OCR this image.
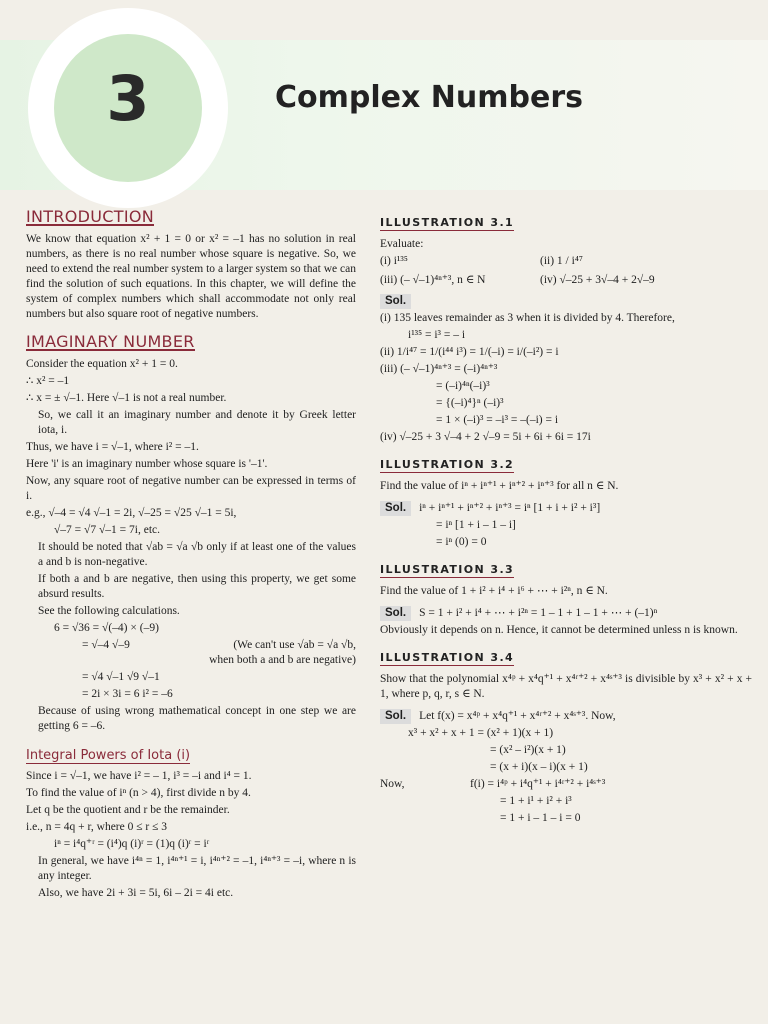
3	Complex Numbers
INTRODUCTION
We know that equation x² + 1 = 0 or x² = –1 has no solution in real numbers, as there is no real number whose square is negative. So, we need to extend the real number system to a larger system so that we can find the solution of such equations. In this chapter, we will define the system of complex numbers which shall accommodate not only real numbers but also square root of negative numbers.
IMAGINARY NUMBER
Consider the equation x² + 1 = 0.
∴ x² = –1
∴ x = ± √–1. Here √–1 is not a real number.
So, we call it an imaginary number and denote it by Greek letter iota, i.
Thus, we have i = √–1, where i² = –1.
Here 'i' is an imaginary number whose square is '–1'.
Now, any square root of negative number can be expressed in terms of i.
e.g., √–4 = √4 √–1 = 2i, √–25 = √25 √–1 = 5i,
√–7 = √7 √–1 = 7i, etc.
It should be noted that √ab = √a √b only if at least one of the values a and b is non-negative.
If both a and b are negative, then using this property, we get some absurd results.
See the following calculations.
6 = √36 = √(–4) × (–9)
= √–4 √–9	(We can't use √ab = √a √b,
when both a and b are negative)
= √4 √–1 √9 √–1
= 2i × 3i = 6 i² = –6
Because of using wrong mathematical concept in one step we are getting 6 = –6.
Integral Powers of Iota (i)
Since i = √–1, we have i² = – 1, i³ = –i and i⁴ = 1.
To find the value of iⁿ (n > 4), first divide n by 4.
Let q be the quotient and r be the remainder.
i.e., n = 4q + r, where 0 ≤ r ≤ 3
iⁿ = i⁴q⁺ʳ = (i⁴)q (i)ʳ = (1)q (i)ʳ = iʳ
In general, we have i⁴ⁿ = 1, i⁴ⁿ⁺¹ = i, i⁴ⁿ⁺² = –1, i⁴ⁿ⁺³ = –i, where n is any integer.
Also, we have 2i + 3i = 5i, 6i – 2i = 4i etc.
ILLUSTRATION 3.1
Evaluate:
(i) i¹³⁵	(ii) 1 / i⁴⁷
(iii) (– √–1)⁴ⁿ⁺³, n ∈ N	(iv) √–25 + 3√–4 + 2√–9
Sol.
(i) 135 leaves remainder as 3 when it is divided by 4. Therefore,
i¹³⁵ = i³ = – i
(ii) 1/i⁴⁷ = 1/(i⁴⁴ i³) = 1/(–i) = i/(–i²) = i
(iii) (– √–1)⁴ⁿ⁺³ = (–i)⁴ⁿ⁺³
= (–i)⁴ⁿ(–i)³
= {(–i)⁴}ⁿ (–i)³
= 1 × (–i)³ = –i³ = –(–i) = i
(iv) √–25 + 3 √–4 + 2 √–9 = 5i + 6i + 6i = 17i
ILLUSTRATION 3.2
Find the value of iⁿ + iⁿ⁺¹ + iⁿ⁺² + iⁿ⁺³ for all n ∈ N.
Sol. iⁿ + iⁿ⁺¹ + iⁿ⁺² + iⁿ⁺³ = iⁿ [1 + i + i² + i³]
= iⁿ [1 + i – 1 – i]
= iⁿ (0) = 0
ILLUSTRATION 3.3
Find the value of 1 + i² + i⁴ + i⁶ + ⋯ + i²ⁿ, n ∈ N.
Sol. S = 1 + i² + i⁴ + ⋯ + i²ⁿ = 1 – 1 + 1 – 1 + ⋯ + (–1)ⁿ
Obviously it depends on n. Hence, it cannot be determined unless n is known.
ILLUSTRATION 3.4
Show that the polynomial x⁴ᵖ + x⁴q⁺¹ + x⁴ʳ⁺² + x⁴ˢ⁺³ is divisible by x³ + x² + x + 1, where p, q, r, s ∈ N.
Sol. Let f(x) = x⁴ᵖ + x⁴q⁺¹ + x⁴ʳ⁺² + x⁴ˢ⁺³. Now,
x³ + x² + x + 1 = (x² + 1)(x + 1)
= (x² – i²)(x + 1)
= (x + i)(x – i)(x + 1)
Now,	f(i) = i⁴ᵖ + i⁴q⁺¹ + i⁴ʳ⁺² + i⁴ˢ⁺³
= 1 + i¹ + i² + i³
= 1 + i – 1 – i = 0
